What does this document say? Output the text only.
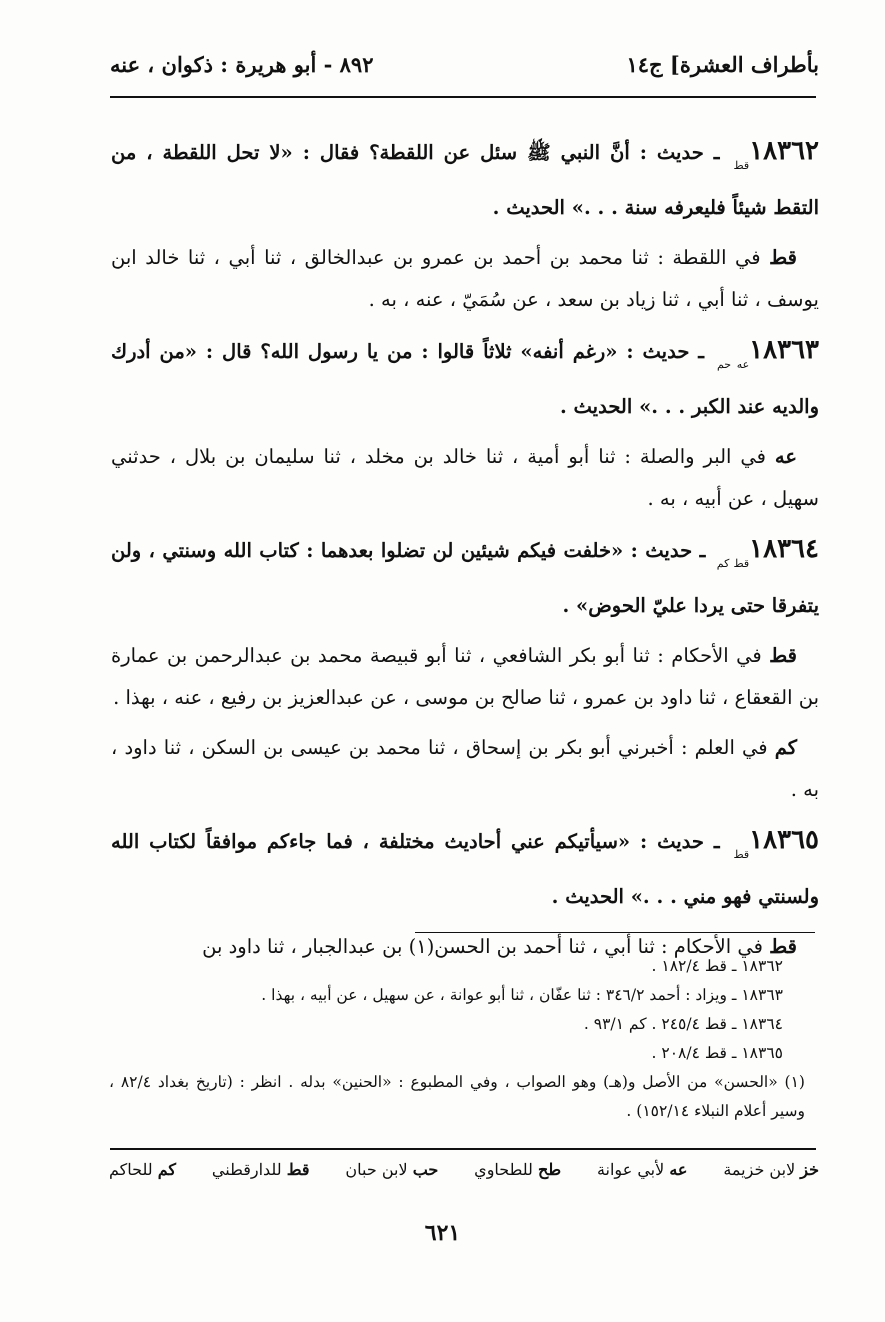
بأطراف العشرة] ج١٤
٨٩٢ - أبو هريرة : ذكوان ، عنه

$١٨٣٦٢_{قط}$ ـ حديث : أنَّ النبي ﷺ سئل عن اللقطة؟ فقال : «لا تحل اللقطة ، من التقط شيئاً فليعرفه سنة . . .» الحديث .

قط في اللقطة : ثنا محمد بن أحمد بن عمرو بن عبدالخالق ، ثنا أبي ، ثنا خالد ابن يوسف ، ثنا أبي ، ثنا زياد بن سعد ، عن سُمَيّ ، عنه ، به .

$١٨٣٦٣_{عه حم}$ ـ حديث : «رغم أنفه» ثلاثاً قالوا : من يا رسول الله؟ قال : «من أدرك والديه عند الكبر . . .» الحديث .

عه في البر والصلة : ثنا أبو أمية ، ثنا خالد بن مخلد ، ثنا سليمان بن بلال ، حدثني سهيل ، عن أبيه ، به .

$١٨٣٦٤_{قط كم}$ ـ حديث : «خلفت فيكم شيئين لن تضلوا بعدهما : كتاب الله وسنتي ، ولن يتفرقا حتى يردا عليّ الحوض» .

قط في الأحكام : ثنا أبو بكر الشافعي ، ثنا أبو قبيصة محمد بن عبدالرحمن بن عمارة بن القعقاع ، ثنا داود بن عمرو ، ثنا صالح بن موسى ، عن عبدالعزيز بن رفيع ، عنه ، بهذا .

كم في العلم : أخبرني أبو بكر بن إسحاق ، ثنا محمد بن عيسى بن السكن ، ثنا داود ، به .

$١٨٣٦٥_{قط}$ ـ حديث : «سيأتيكم عني أحاديث مختلفة ، فما جاءكم موافقاً لكتاب الله ولسنتي فهو مني . . .» الحديث .

قط في الأحكام : ثنا أبي ، ثنا أحمد بن الحسن(١) بن عبدالجبار ، ثنا داود بن

١٨٣٦٢ ـ قط ١٨٢/٤ .
١٨٣٦٣ ـ ويزاد : أحمد ٣٤٦/٢ : ثنا عفّان ، ثنا أبو عوانة ، عن سهيل ، عن أبيه ، بهذا .
١٨٣٦٤ ـ قط ٢٤٥/٤ . كم ٩٣/١ .
١٨٣٦٥ ـ قط ٢٠٨/٤ .
(١) «الحسن» من الأصل و(هـ) وهو الصواب ، وفي المطبوع : «الحنين» بدله . انظر : (تاريخ بغداد ٨٢/٤ ، وسير أعلام النبلاء ١٥٢/١٤) .
خز لابن خزيمة
عه لأبي عوانة
طح للطحاوي
حب لابن حبان
قط للدارقطني
كم للحاكم
٦٢١
